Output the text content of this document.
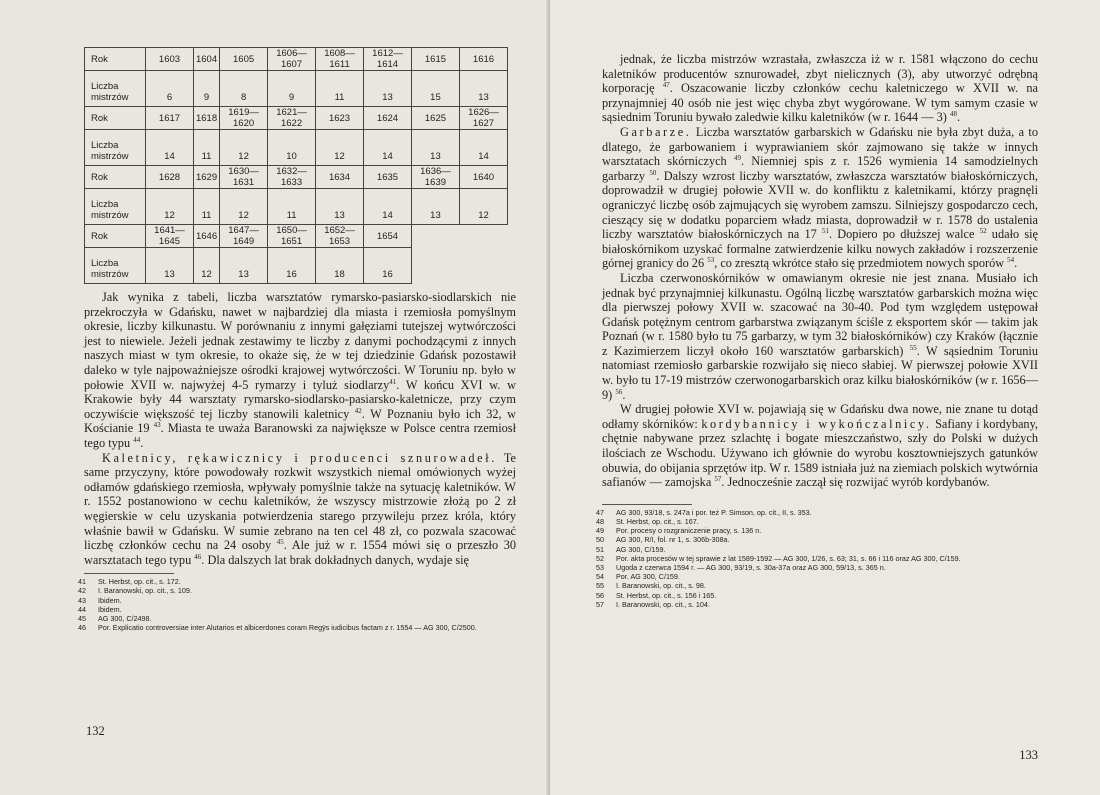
Rok	1603	1604	1605	1606—1607	1608—1611	1612—1614	1615	1616
Liczba mistrzów	6	9	8	9	11	13	15	13
Rok	1617	1618	1619—1620	1621—1622	1623	1624	1625	1626—1627
Liczba mistrzów	14	11	12	10	12	14	13	14
Rok	1628	1629	1630—1631	1632—1633	1634	1635	1636—1639	1640
Liczba mistrzów	12	11	12	11	13	14	13	12
Rok	1641—1645	1646	1647—1649	1650—1651	1652—1653	1654		
Liczba mistrzów	13	12	13	16	18	16		

Jak wynika z tabeli, liczba warsztatów rymarsko-pasiarsko-siodlarskich nie przekroczyła w Gdańsku, nawet w najbardziej dla miasta i rzemiosła pomyślnym okresie, liczby kilkunastu. W porównaniu z innymi gałęziami tutejszej wytwórczości jest to niewiele. Jeżeli jednak zestawimy te liczby z danymi pochodzącymi z innych naszych miast w tym okresie, to okaże się, że w tej dziedzinie Gdańsk pozostawił daleko w tyle najpoważniejsze ośrodki krajowej wytwórczości. W Toruniu np. było w połowie XVII w. najwyżej 4-5 rymarzy i tyluż siodlarzy$^{41}$. W końcu XVI w. w Krakowie były 44 warsztaty rymarsko-siodlarsko-pasiarsko-kaletnicze, przy czym oczywiście większość tej liczby stanowili kaletnicy $^{42}$. W Poznaniu było ich 32, w Kościanie 19 $^{43}$. Miasta te uważa Baranowski za największe w Polsce centra rzemiosł tego typu $^{44}$.

Kaletnicy, rękawicznicy i producenci sznurowadeł. Te same przyczyny, które powodowały rozkwit wszystkich niemal omówionych wyżej odłamów gdańskiego rzemiosła, wpływały pomyślnie także na sytuację kaletników. W r. 1552 postanowiono w cechu kaletników, że wszyscy mistrzowie złożą po 2 zł węgierskie w celu uzyskania potwierdzenia starego przywileju przez króla, który właśnie bawił w Gdańsku. W sumie zebrano na ten cel 48 zł, co pozwala szacować liczbę członków cechu na 24 osoby $^{45}$. Ale już w r. 1554 mówi się o przeszło 30 warsztatach tego typu $^{46}$. Dla dalszych lat brak dokładnych danych, wydaje się

41 St. Herbst, op. cit., s. 172.

42 I. Baranowski, op. cit., s. 109.

43 Ibidem.

44 Ibidem.

45 AG 300, C/2498.

46 Por. Explicatio controversiae inter Alutarios et albicerdones coram Regÿs iudicibus factam z r. 1554 — AG 300, C/2500.

132

jednak, że liczba mistrzów wzrastała, zwłaszcza iż w r. 1581 włączono do cechu kaletników producentów sznurowadeł, zbyt nielicznych (3), aby utworzyć odrębną korporację $^{47}$. Oszacowanie liczby członków cechu kaletniczego w XVII w. na przynajmniej 40 osób nie jest więc chyba zbyt wygórowane. W tym samym czasie w sąsiednim Toruniu bywało zaledwie kilku kaletników (w r. 1644 — 3) $^{48}$.

Garbarze. Liczba warsztatów garbarskich w Gdańsku nie była zbyt duża, a to dlatego, że garbowaniem i wyprawianiem skór zajmowano się także w innych warsztatach skórniczych $^{49}$. Niemniej spis z r. 1526 wymienia 14 samodzielnych garbarzy $^{50}$. Dalszy wzrost liczby warsztatów, zwłaszcza warsztatów białoskórniczych, doprowadził w drugiej połowie XVII w. do konfliktu z kaletnikami, którzy pragnęli ograniczyć liczbę osób zajmujących się wyrobem zamszu. Silniejszy gospodarczo cech, cieszący się w dodatku poparciem władz miasta, doprowadził w r. 1578 do ustalenia liczby warsztatów białoskórniczych na 17 $^{51}$. Dopiero po dłuższej walce $^{52}$ udało się białoskórnikom uzyskać formalne zatwierdzenie kilku nowych zakładów i rozszerzenie górnej granicy do 26 $^{53}$, co zresztą wkrótce stało się przedmiotem nowych sporów $^{54}$.

Liczba czerwonoskórników w omawianym okresie nie jest znana. Musiało ich jednak być przynajmniej kilkunastu. Ogólną liczbę warsztatów garbarskich można więc dla pierwszej połowy XVII w. szacować na 30-40. Pod tym względem ustępował Gdańsk potężnym centrom garbarstwa związanym ściśle z eksportem skór — takim jak Poznań (w r. 1580 było tu 75 garbarzy, w tym 32 białoskórników) czy Kraków (łącznie z Kazimierzem liczył około 160 warsztatów garbarskich) $^{55}$. W sąsiednim Toruniu natomiast rzemiosło garbarskie rozwijało się nieco słabiej. W pierwszej połowie XVII w. było tu 17-19 mistrzów czerwonogarbarskich oraz kilku białoskórników (w r. 1656—9) $^{56}$.

W drugiej połowie XVI w. pojawiają się w Gdańsku dwa nowe, nie znane tu dotąd odłamy skórników: kordybannicy i wykończalnicy. Safiany i kordybany, chętnie nabywane przez szlachtę i bogate mieszczaństwo, szły do Polski w dużych ilościach ze Wschodu. Używano ich głównie do wyrobu kosztowniejszych gatunków obuwia, do obijania sprzętów itp. W r. 1589 istniała już na ziemiach polskich wytwórnia safianów — zamojska $^{57}$. Jednocześnie zaczął się rozwijać wyrób kordybanów.

47 AG 300, 93/18, s. 247a i por. też P. Simson, op. cit., II, s. 353.

48 St. Herbst, op. cit., s. 167.

49 Por. procesy o rozgraniczenie pracy, s. 136 n.

50 AG 300, R/I, fol. nr 1, s. 306b-308a.

51 AG 300, C/159.

52 Por. akta procesów w tej sprawie z lat 1589-1592 — AG 300, 1/26, s. 63; 31, s. 66 i 116 oraz AG 300, C/159.

53 Ugoda z czerwca 1594 r. — AG 300, 93/19, s. 30a-37a oraz AG 300, 59/13, s. 365 n.

54 Por. AG 300, C/159.

55 I. Baranowski, op. cit., s. 98.

56 St. Herbst, op. cit., s. 156 i 165.

57 I. Baranowski, op. cit., s. 104.

133
